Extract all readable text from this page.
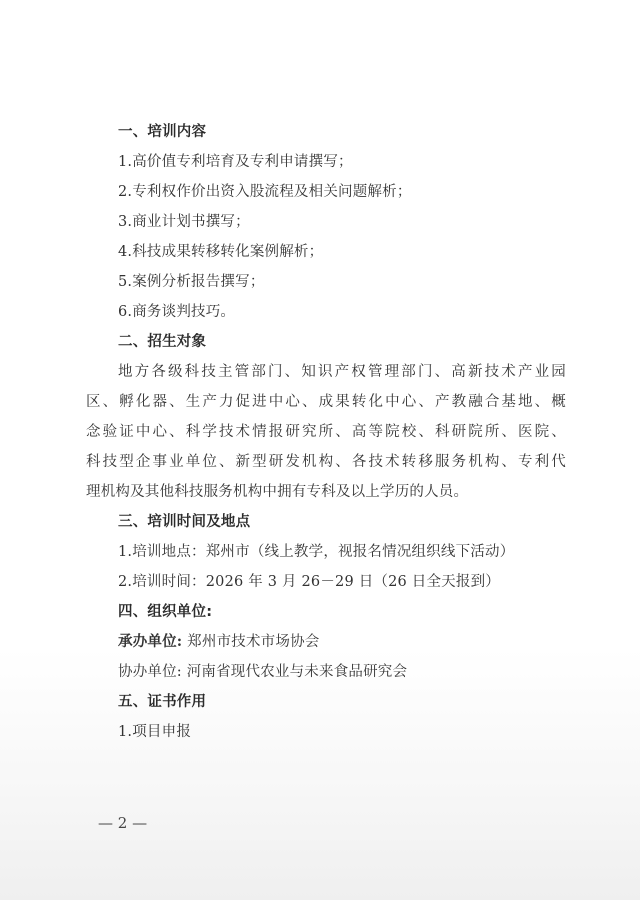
一、培训内容
1.高价值专利培育及专利申请撰写；
2.专利权作价出资入股流程及相关问题解析；
3.商业计划书撰写；
4.科技成果转移转化案例解析；
5.案例分析报告撰写；
6.商务谈判技巧。
二、招生对象
地方各级科技主管部门、知识产权管理部门、高新技术产业园
区、孵化器、生产力促进中心、成果转化中心、产教融合基地、概
念验证中心、科学技术情报研究所、高等院校、科研院所、医院、
科技型企事业单位、新型研发机构、各技术转移服务机构、专利代
理机构及其他科技服务机构中拥有专科及以上学历的人员。
三、培训时间及地点
1.培训地点：郑州市（线上教学，视报名情况组织线下活动）
2.培训时间：2026 年 3 月 26－29 日（26 日全天报到）
四、组织单位:
承办单位: 郑州市技术市场协会
协办单位: 河南省现代农业与未来食品研究会
五、证书作用
1.项目申报
— 2 —
